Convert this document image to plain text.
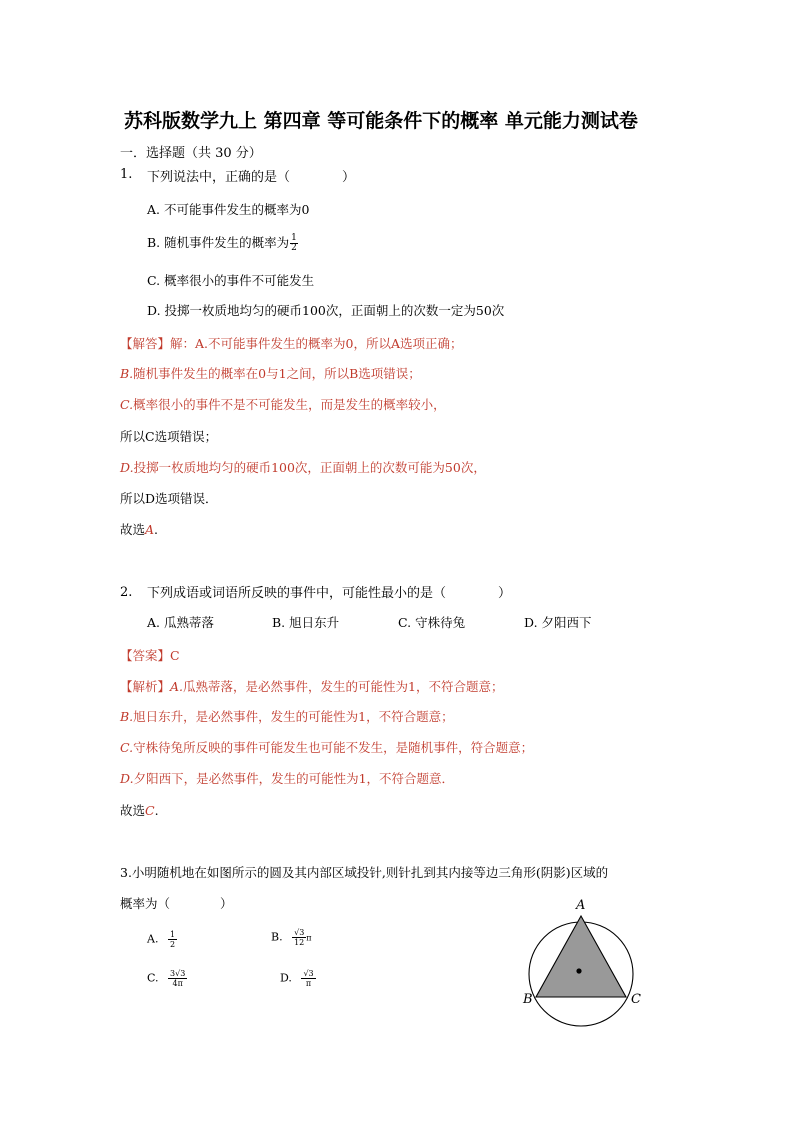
苏科版数学九上 第四章 等可能条件下的概率 单元能力测试卷
一．选择题（共 30 分）
1. 下列说法中，正确的是（　　　　）
A. 不可能事件发生的概率为0
B. 随机事件发生的概率为 $\frac{1}{2}$
C. 概率很小的事件不可能发生
D. 投掷一枚质地均匀的硬币100次，正面朝上的次数一定为50次
【解答】解：A.不可能事件发生的概率为0，所以A选项正确；
B.随机事件发生的概率在0与1之间，所以B选项错误；
C.概率很小的事件不是不可能发生，而是发生的概率较小，
所以C选项错误；
D.投掷一枚质地均匀的硬币100次，正面朝上的次数可能为50次，
所以D选项错误．
故选A.
2. 下列成语或词语所反映的事件中，可能性最小的是（　　　　）
A. 瓜熟蒂落	B. 旭日东升	C. 守株待兔	D. 夕阳西下
【答案】C
【解析】A.瓜熟蒂落，是必然事件，发生的可能性为1，不符合题意；
B.旭日东升，是必然事件，发生的可能性为1，不符合题意；
C.守株待兔所反映的事件可能发生也可能不发生，是随机事件，符合题意；
D.夕阳西下，是必然事件，发生的可能性为1，不符合题意．
故选C.
3.小明随机地在如图所示的圆及其内部区域投针,则针扎到其内接等边三角形(阴影)区域的
概率为（　　　　）
A. $\frac{1}{2}$	B. $\frac{√3}{12}$ π
C. $\frac{3√3}{4\pi}$	D. $\frac{√3}{\pi}$
A
B	C
